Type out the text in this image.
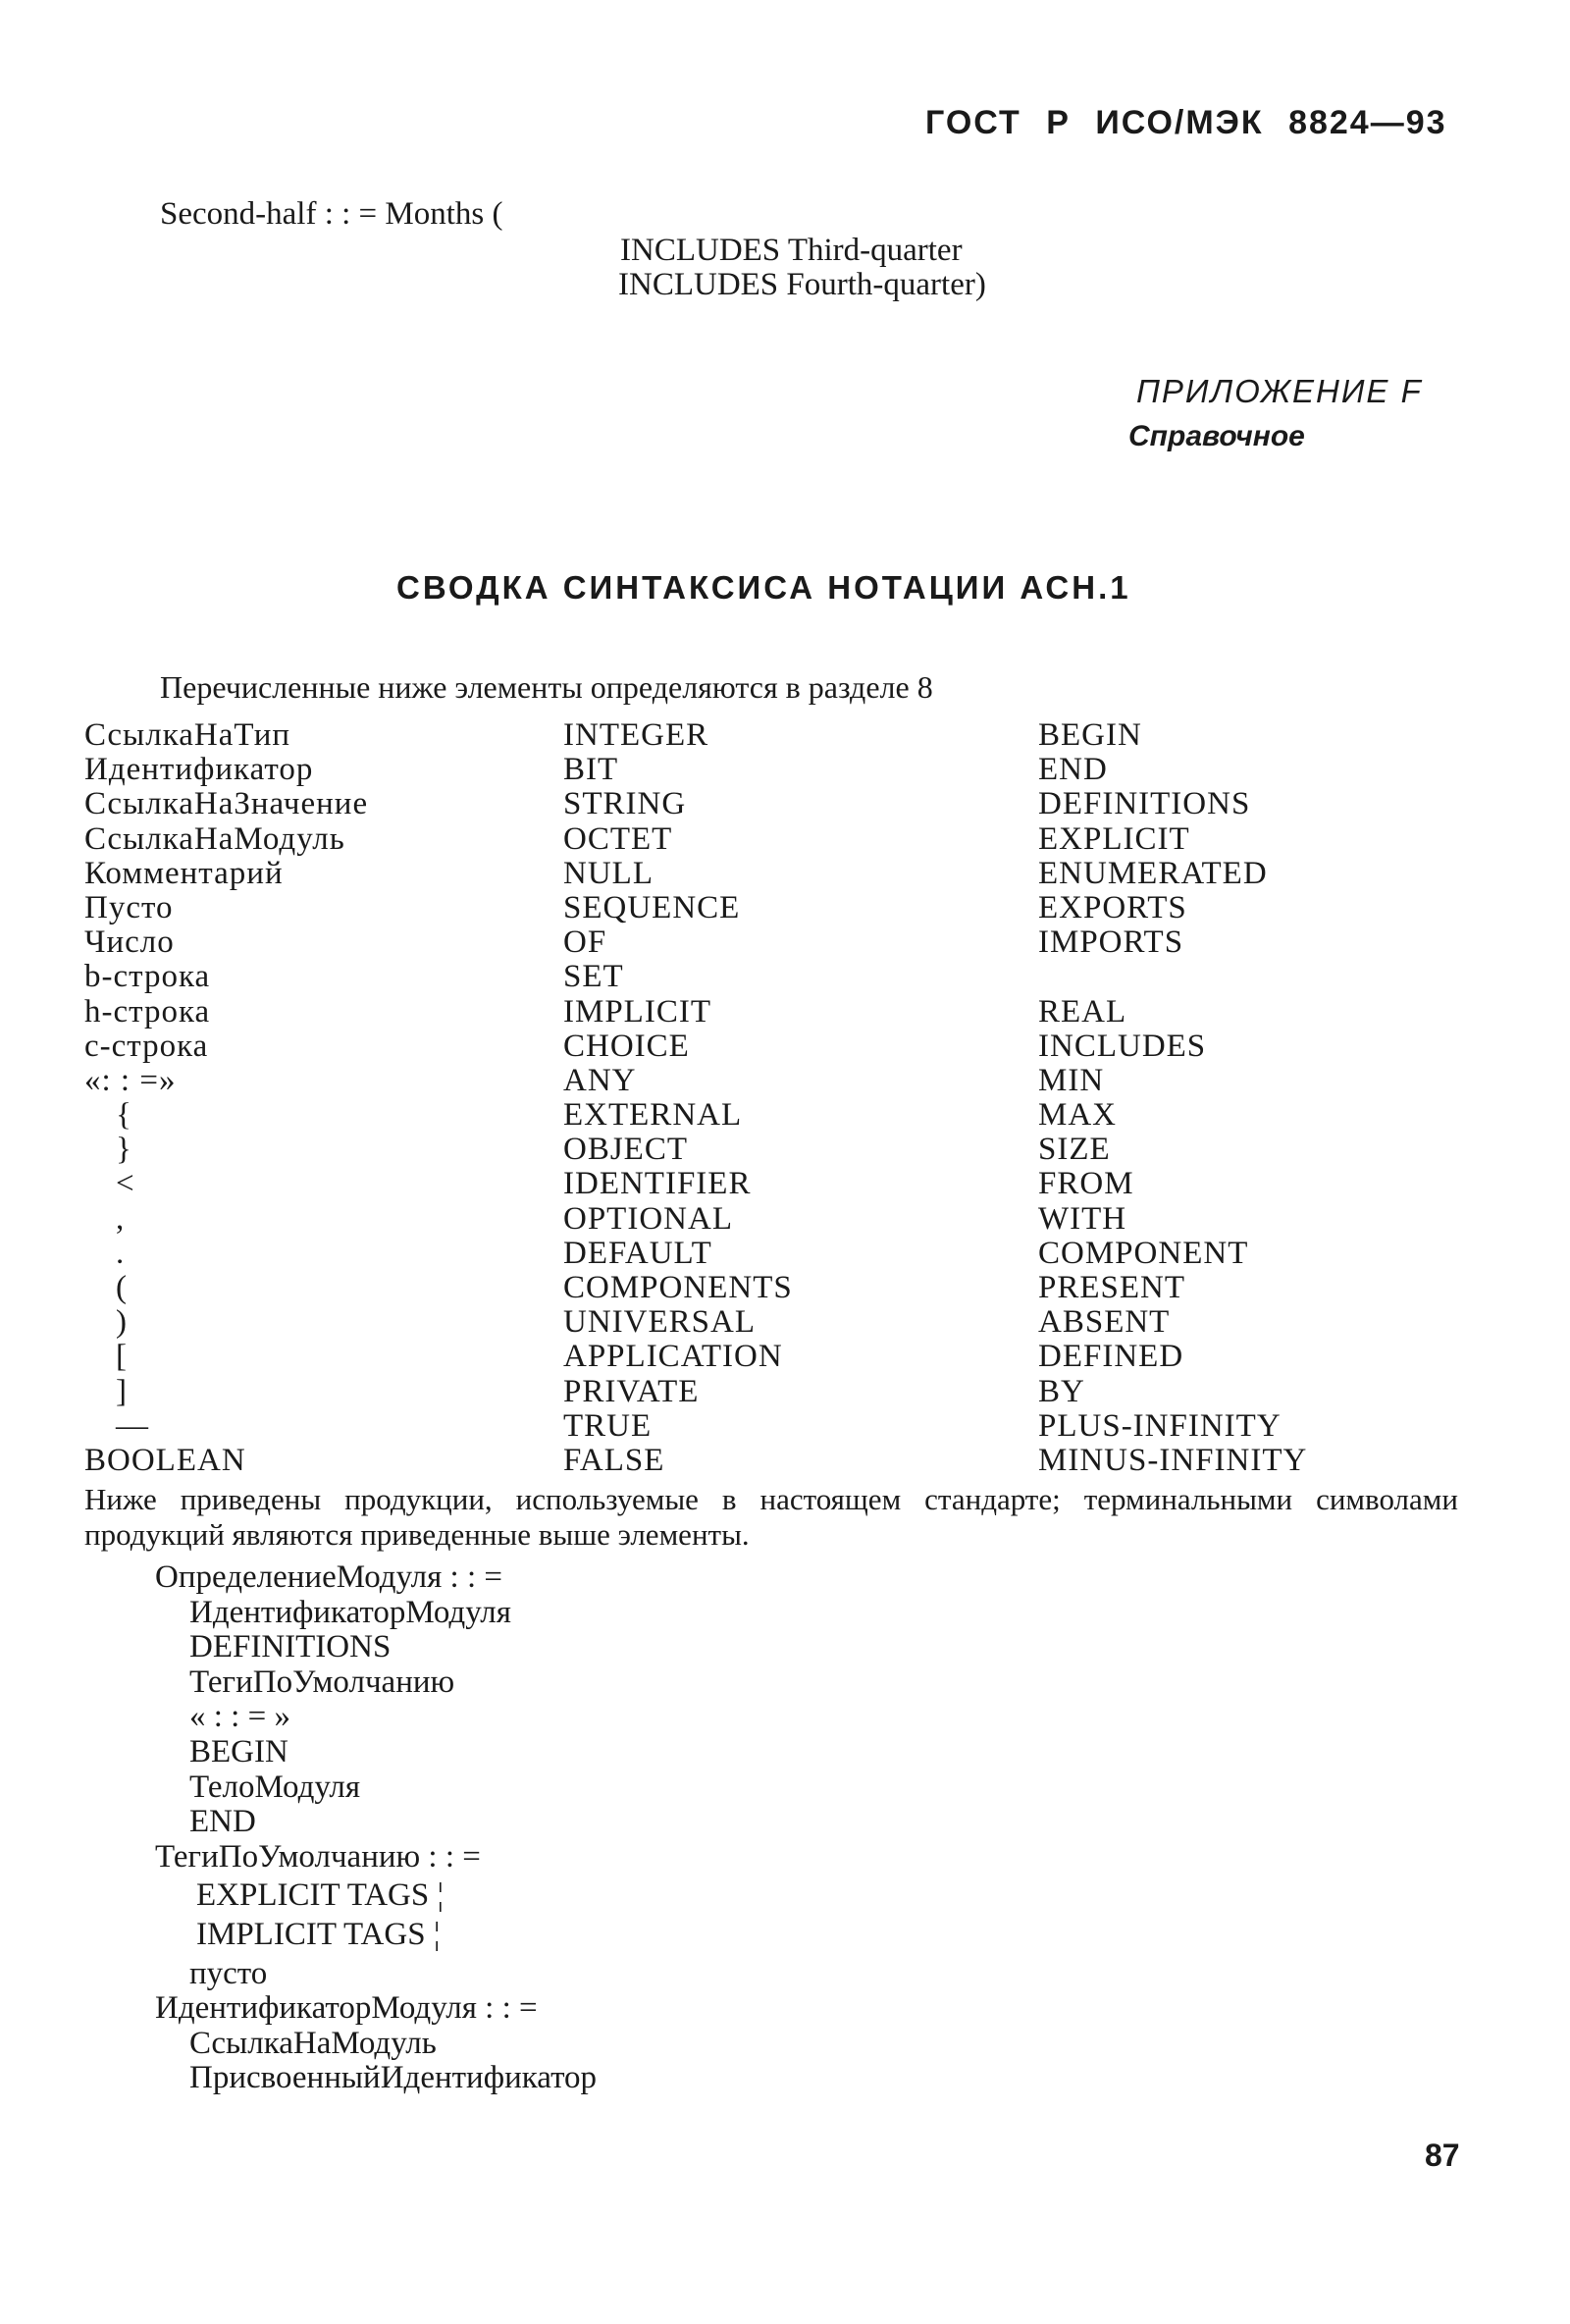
ГОСТ Р ИСО/МЭК 8824—93
Second-half : : = Months (
INCLUDES Third-quarter
INCLUDES Fourth-quarter)
ПРИЛОЖЕНИЕ F
Справочное
СВОДКА СИНТАКСИСА НОТАЦИИ АСН.1
Перечисленные ниже элементы определяются в разделе 8
СсылкаНаТип
Идентификатор
СсылкаНаЗначение
СсылкаНаМодуль
Комментарий
Пусто
Число
b-строка
h-строка
с-строка
«: : =»
{
}
<
,
.
(
)
[
]
—
BOOLEAN
INTEGER
BIT
STRING
OCTET
NULL
SEQUENCE
OF
SET
IMPLICIT
CHOICE
ANY
EXTERNAL
OBJECT
IDENTIFIER
OPTIONAL
DEFAULT
COMPONENTS
UNIVERSAL
APPLICATION
PRIVATE
TRUE
FALSE
BEGIN
END
DEFINITIONS
EXPLICIT
ENUMERATED
EXPORTS
IMPORTS
REAL
INCLUDES
MIN
MAX
SIZE
FROM
WITH
COMPONENT
PRESENT
ABSENT
DEFINED
BY
PLUS-INFINITY
MINUS-INFINITY
Ниже приведены продукции, используемые в настоящем стандарте; терминальными символами продукций являются приведенные выше элементы.
ОпределениеМодуля : : =
ИдентификаторМодуля
DEFINITIONS
ТегиПоУмолчанию
« : : = »
BEGIN
ТелоМодуля
END
ТегиПоУмолчанию : : =
EXPLICIT TAGS ¦
IMPLICIT TAGS ¦
пусто
ИдентификаторМодуля : : =
СсылкаНаМодуль
ПрисвоенныйИдентификатор
87
